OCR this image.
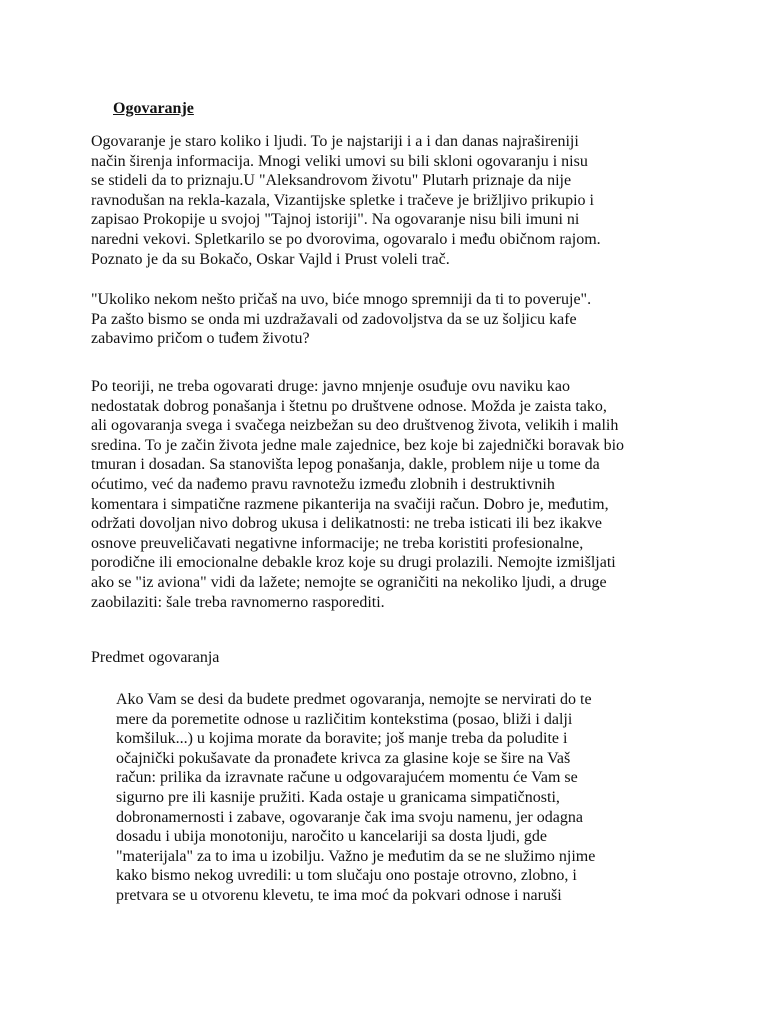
Ogovaranje
Ogovaranje je staro koliko i ljudi. To je najstariji i a i dan danas najrašireniji
način širenja informacija. Mnogi veliki umovi su bili skloni ogovaranju i nisu
se stideli da to priznaju.U "Aleksandrovom životu" Plutarh priznaje da nije
ravnodušan na rekla-kazala, Vizantijske spletke i tračeve je brižljivo prikupio i
zapisao Prokopije u svojoj "Tajnoj istoriji". Na ogovaranje nisu bili imuni ni
naredni vekovi. Spletkarilo se po dvorovima, ogovaralo i među običnom rajom.
Poznato je da su Bokačo, Oskar Vajld i Prust voleli trač.
"Ukoliko nekom nešto pričaš na uvo, biće mnogo spremniji da ti to poveruje".
Pa zašto bismo se onda mi uzdražavali od zadovoljstva da se uz šoljicu kafe
zabavimo pričom o tuđem životu?
Po teoriji, ne treba ogovarati druge: javno mnjenje osuđuje ovu naviku kao
nedostatak dobrog ponašanja i štetnu po društvene odnose. Možda je zaista tako,
ali ogovaranja svega i svačega neizbežan su deo društvenog života, velikih i malih
sredina. To je začin života jedne male zajednice, bez koje bi zajednički boravak bio
tmuran i dosadan. Sa stanovišta lepog ponašanja, dakle, problem nije u tome da
oćutimo, već da nađemo pravu ravnotežu između zlobnih i destruktivnih
komentara i simpatične razmene pikanterija na svačiji račun. Dobro je, međutim,
održati dovoljan nivo dobrog ukusa i delikatnosti: ne treba isticati ili bez ikakve
osnove preuveličavati negativne informacije; ne treba koristiti profesionalne,
porodične ili emocionalne debakle kroz koje su drugi prolazili. Nemojte izmišljati
ako se "iz aviona" vidi da lažete; nemojte se ograničiti na nekoliko ljudi, a druge
zaobilaziti: šale treba ravnomerno rasporediti.
Predmet ogovaranja
Ako Vam se desi da budete predmet ogovaranja, nemojte se nervirati do te
mere da poremetite odnose u različitim kontekstima (posao, bliži i dalji
komšiluk...) u kojima morate da boravite; još manje treba da poludite i
očajnički pokušavate da pronađete krivca za glasine koje se šire na Vaš
račun: prilika da izravnate račune u odgovarajućem momentu će Vam se
sigurno pre ili kasnije pružiti. Kada ostaje u granicama simpatičnosti,
dobronamernosti i zabave, ogovaranje čak ima svoju namenu, jer odagna
dosadu i ubija monotoniju, naročito u kancelariji sa dosta ljudi, gde
"materijala" za to ima u izobilju. Važno je međutim da se ne služimo njime
kako bismo nekog uvredili: u tom slučaju ono postaje otrovno, zlobno, i
pretvara se u otvorenu klevetu, te ima moć da pokvari odnose i naruši
